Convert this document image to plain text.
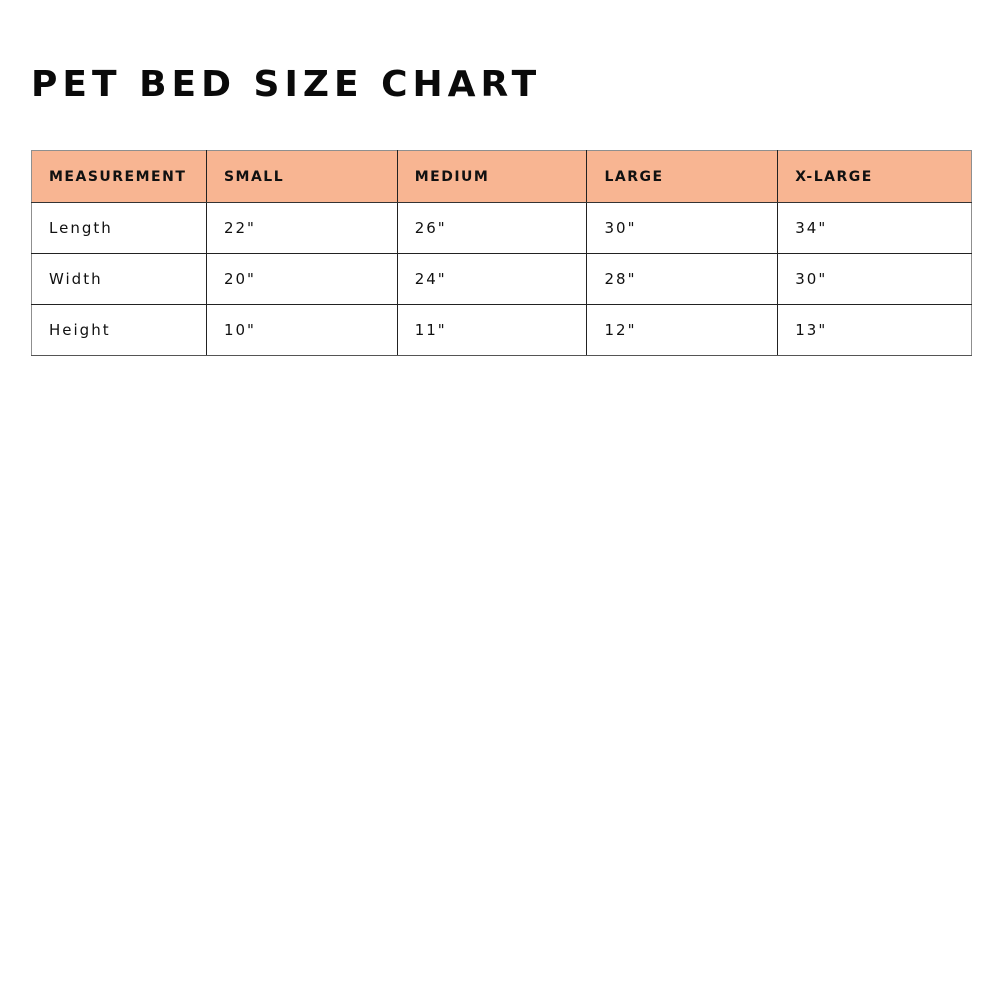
PET BED SIZE CHART
MEASUREMENT	SMALL	MEDIUM	LARGE	X-LARGE
Length	22"	26"	30"	34"
Width	20"	24"	28"	30"
Height	10"	11"	12"	13"
